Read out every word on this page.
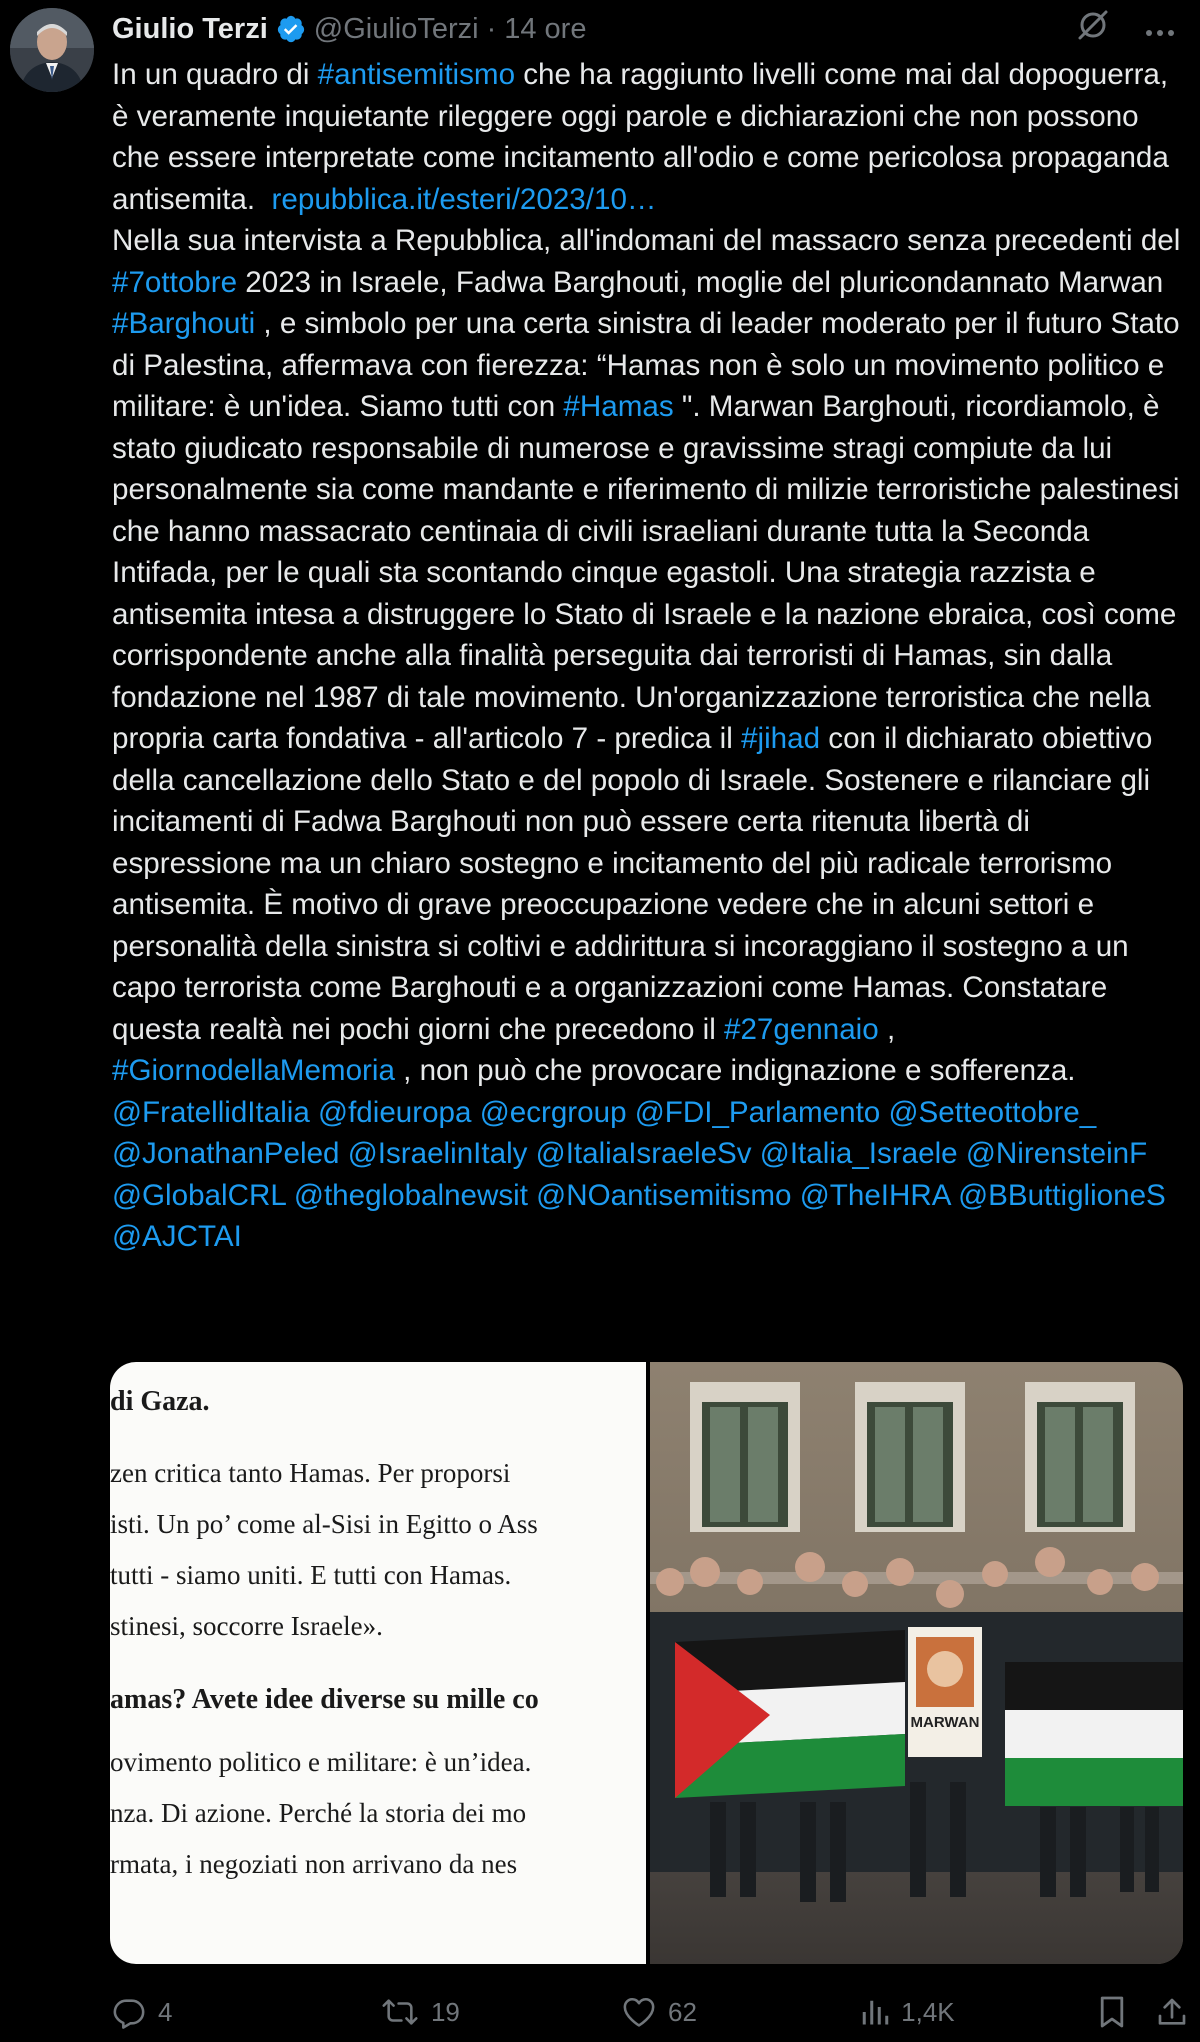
Giulio Terzi @GiulioTerzi · 14 ore
In un quadro di #antisemitismo che ha raggiunto livelli come mai dal dopoguerra, è veramente inquietante rileggere oggi parole e dichiarazioni che non possono che essere interpretate come incitamento all'odio e come pericolosa propaganda antisemita.  repubblica.it/esteri/2023/10…
Nella sua intervista a Repubblica, all'indomani del massacro senza precedenti del #7ottobre 2023 in Israele, Fadwa Barghouti, moglie del pluricondannato Marwan #Barghouti , e simbolo per una certa sinistra di leader moderato per il futuro Stato di Palestina, affermava con fierezza: “Hamas non è solo un movimento politico e militare: è un'idea. Siamo tutti con #Hamas ". Marwan Barghouti, ricordiamolo, è stato giudicato responsabile di numerose e gravissime stragi compiute da lui personalmente sia come mandante e riferimento di milizie terroristiche palestinesi che hanno massacrato centinaia di civili israeliani durante tutta la Seconda Intifada, per le quali sta scontando cinque egastoli. Una strategia razzista e antisemita intesa a distruggere lo Stato di Israele e la nazione ebraica, così come corrispondente anche alla finalità perseguita dai terroristi di Hamas, sin dalla fondazione nel 1987 di tale movimento. Un'organizzazione terroristica che nella propria carta fondativa - all'articolo 7 - predica il #jihad con il dichiarato obiettivo della cancellazione dello Stato e del popolo di Israele. Sostenere e rilanciare gli incitamenti di Fadwa Barghouti non può essere certa ritenuta libertà di espressione ma un chiaro sostegno e incitamento del più radicale terrorismo antisemita. È motivo di grave preoccupazione vedere che in alcuni settori e personalità della sinistra si coltivi e addirittura si incoraggiano il sostegno a un capo terrorista come Barghouti e a organizzazioni come Hamas. Constatare questa realtà nei pochi giorni che precedono il #27gennaio ,
#GiornodellaMemoria , non può che provocare indignazione e sofferenza.
@FratellidItalia @fdieuropa @ecrgroup @FDI_Parlamento @Setteottobre_ @JonathanPeled @IsraelinItaly @ItaliaIsraeleSv @Italia_Israele @NirensteinF @GlobalCRL @theglobalnewsit @NOantisemitismo @TheIHRA @BButtiglioneS @AJCTAI
di Gaza.
zen critica tanto Hamas. Per proporsi
isti. Un po’ come al-Sisi in Egitto o Ass
tutti - siamo uniti. E tutti con Hamas.
stinesi, soccorre Israele».
amas? Avete idee diverse su mille co
ovimento politico e militare: è un’idea.
nza. Di azione. Perché la storia dei mo
rmata, i negoziati non arrivano da nes
MARWAN
4	19	62	1,4K
